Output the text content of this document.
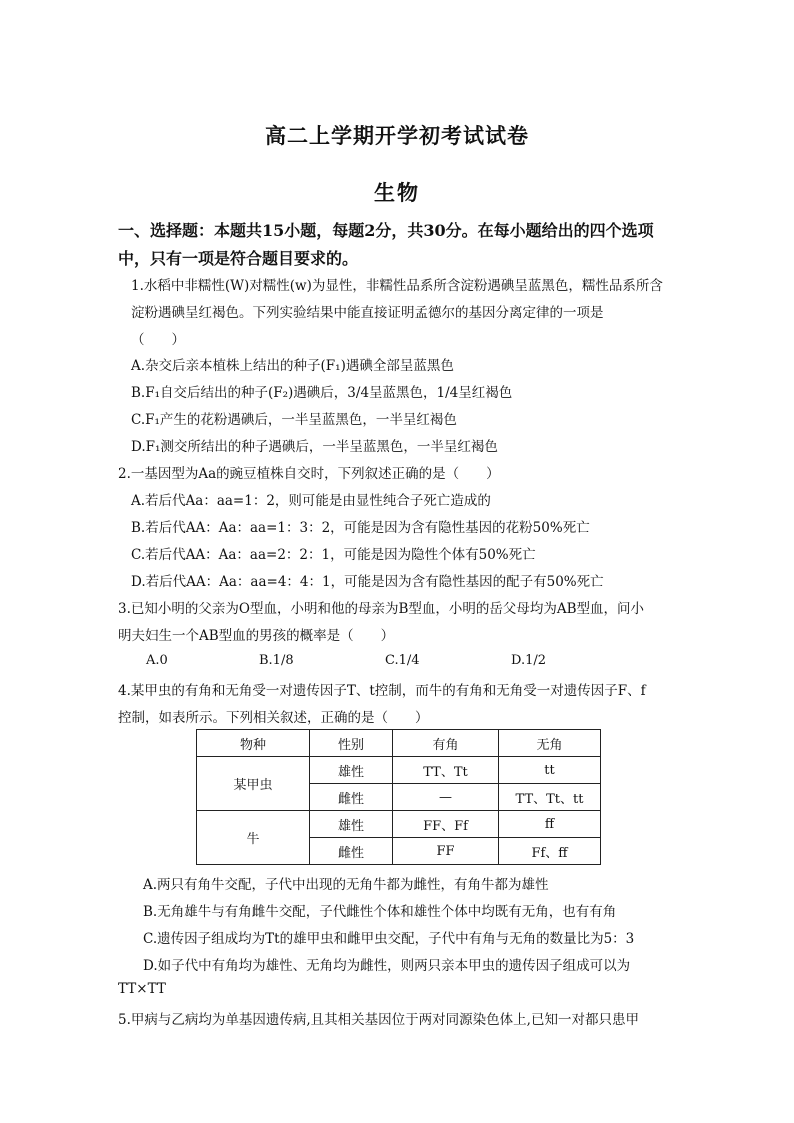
高二上学期开学初考试试卷
生物
一、选择题：本题共15小题，每题2分，共30分。在每小题给出的四个选项
中，只有一项是符合题目要求的。
1.水稻中非糯性(W)对糯性(w)为显性，非糯性品系所含淀粉遇碘呈蓝黑色，糯性品系所含
淀粉遇碘呈红褐色。下列实验结果中能直接证明孟德尔的基因分离定律的一项是
（　　）
A.杂交后亲本植株上结出的种子(F₁)遇碘全部呈蓝黑色
B.F₁自交后结出的种子(F₂)遇碘后，3/4呈蓝黑色，1/4呈红褐色
C.F₁产生的花粉遇碘后，一半呈蓝黑色，一半呈红褐色
D.F₁测交所结出的种子遇碘后，一半呈蓝黑色，一半呈红褐色
2.一基因型为Aa的豌豆植株自交时，下列叙述正确的是（　　）
A.若后代Aa：aa=1：2，则可能是由显性纯合子死亡造成的
B.若后代AA：Aa：aa=1：3：2，可能是因为含有隐性基因的花粉50%死亡
C.若后代AA：Aa：aa=2：2：1，可能是因为隐性个体有50%死亡
D.若后代AA：Aa：aa=4：4：1，可能是因为含有隐性基因的配子有50%死亡
3.已知小明的父亲为O型血，小明和他的母亲为B型血，小明的岳父母均为AB型血，问小
明夫妇生一个AB型血的男孩的概率是（　　）
A.0	B.1/8	C.1/4	D.1/2
4.某甲虫的有角和无角受一对遗传因子T、t控制，而牛的有角和无角受一对遗传因子F、f
控制，如表所示。下列相关叙述，正确的是（　　）
物种	性别	有角	无角
某甲虫	雄性	TT、Tt	tt
	雌性	—	TT、Tt、tt
牛	雄性	FF、Ff	ff
	雌性	FF	Ff、ff
A.两只有角牛交配，子代中出现的无角牛都为雌性，有角牛都为雄性
B.无角雄牛与有角雌牛交配，子代雌性个体和雄性个体中均既有无角，也有有角
C.遗传因子组成均为Tt的雄甲虫和雌甲虫交配，子代中有角与无角的数量比为5：3
D.如子代中有角均为雄性、无角均为雌性，则两只亲本甲虫的遗传因子组成可以为
TT×TT
5.甲病与乙病均为单基因遗传病,且其相关基因位于两对同源染色体上,已知一对都只患甲
